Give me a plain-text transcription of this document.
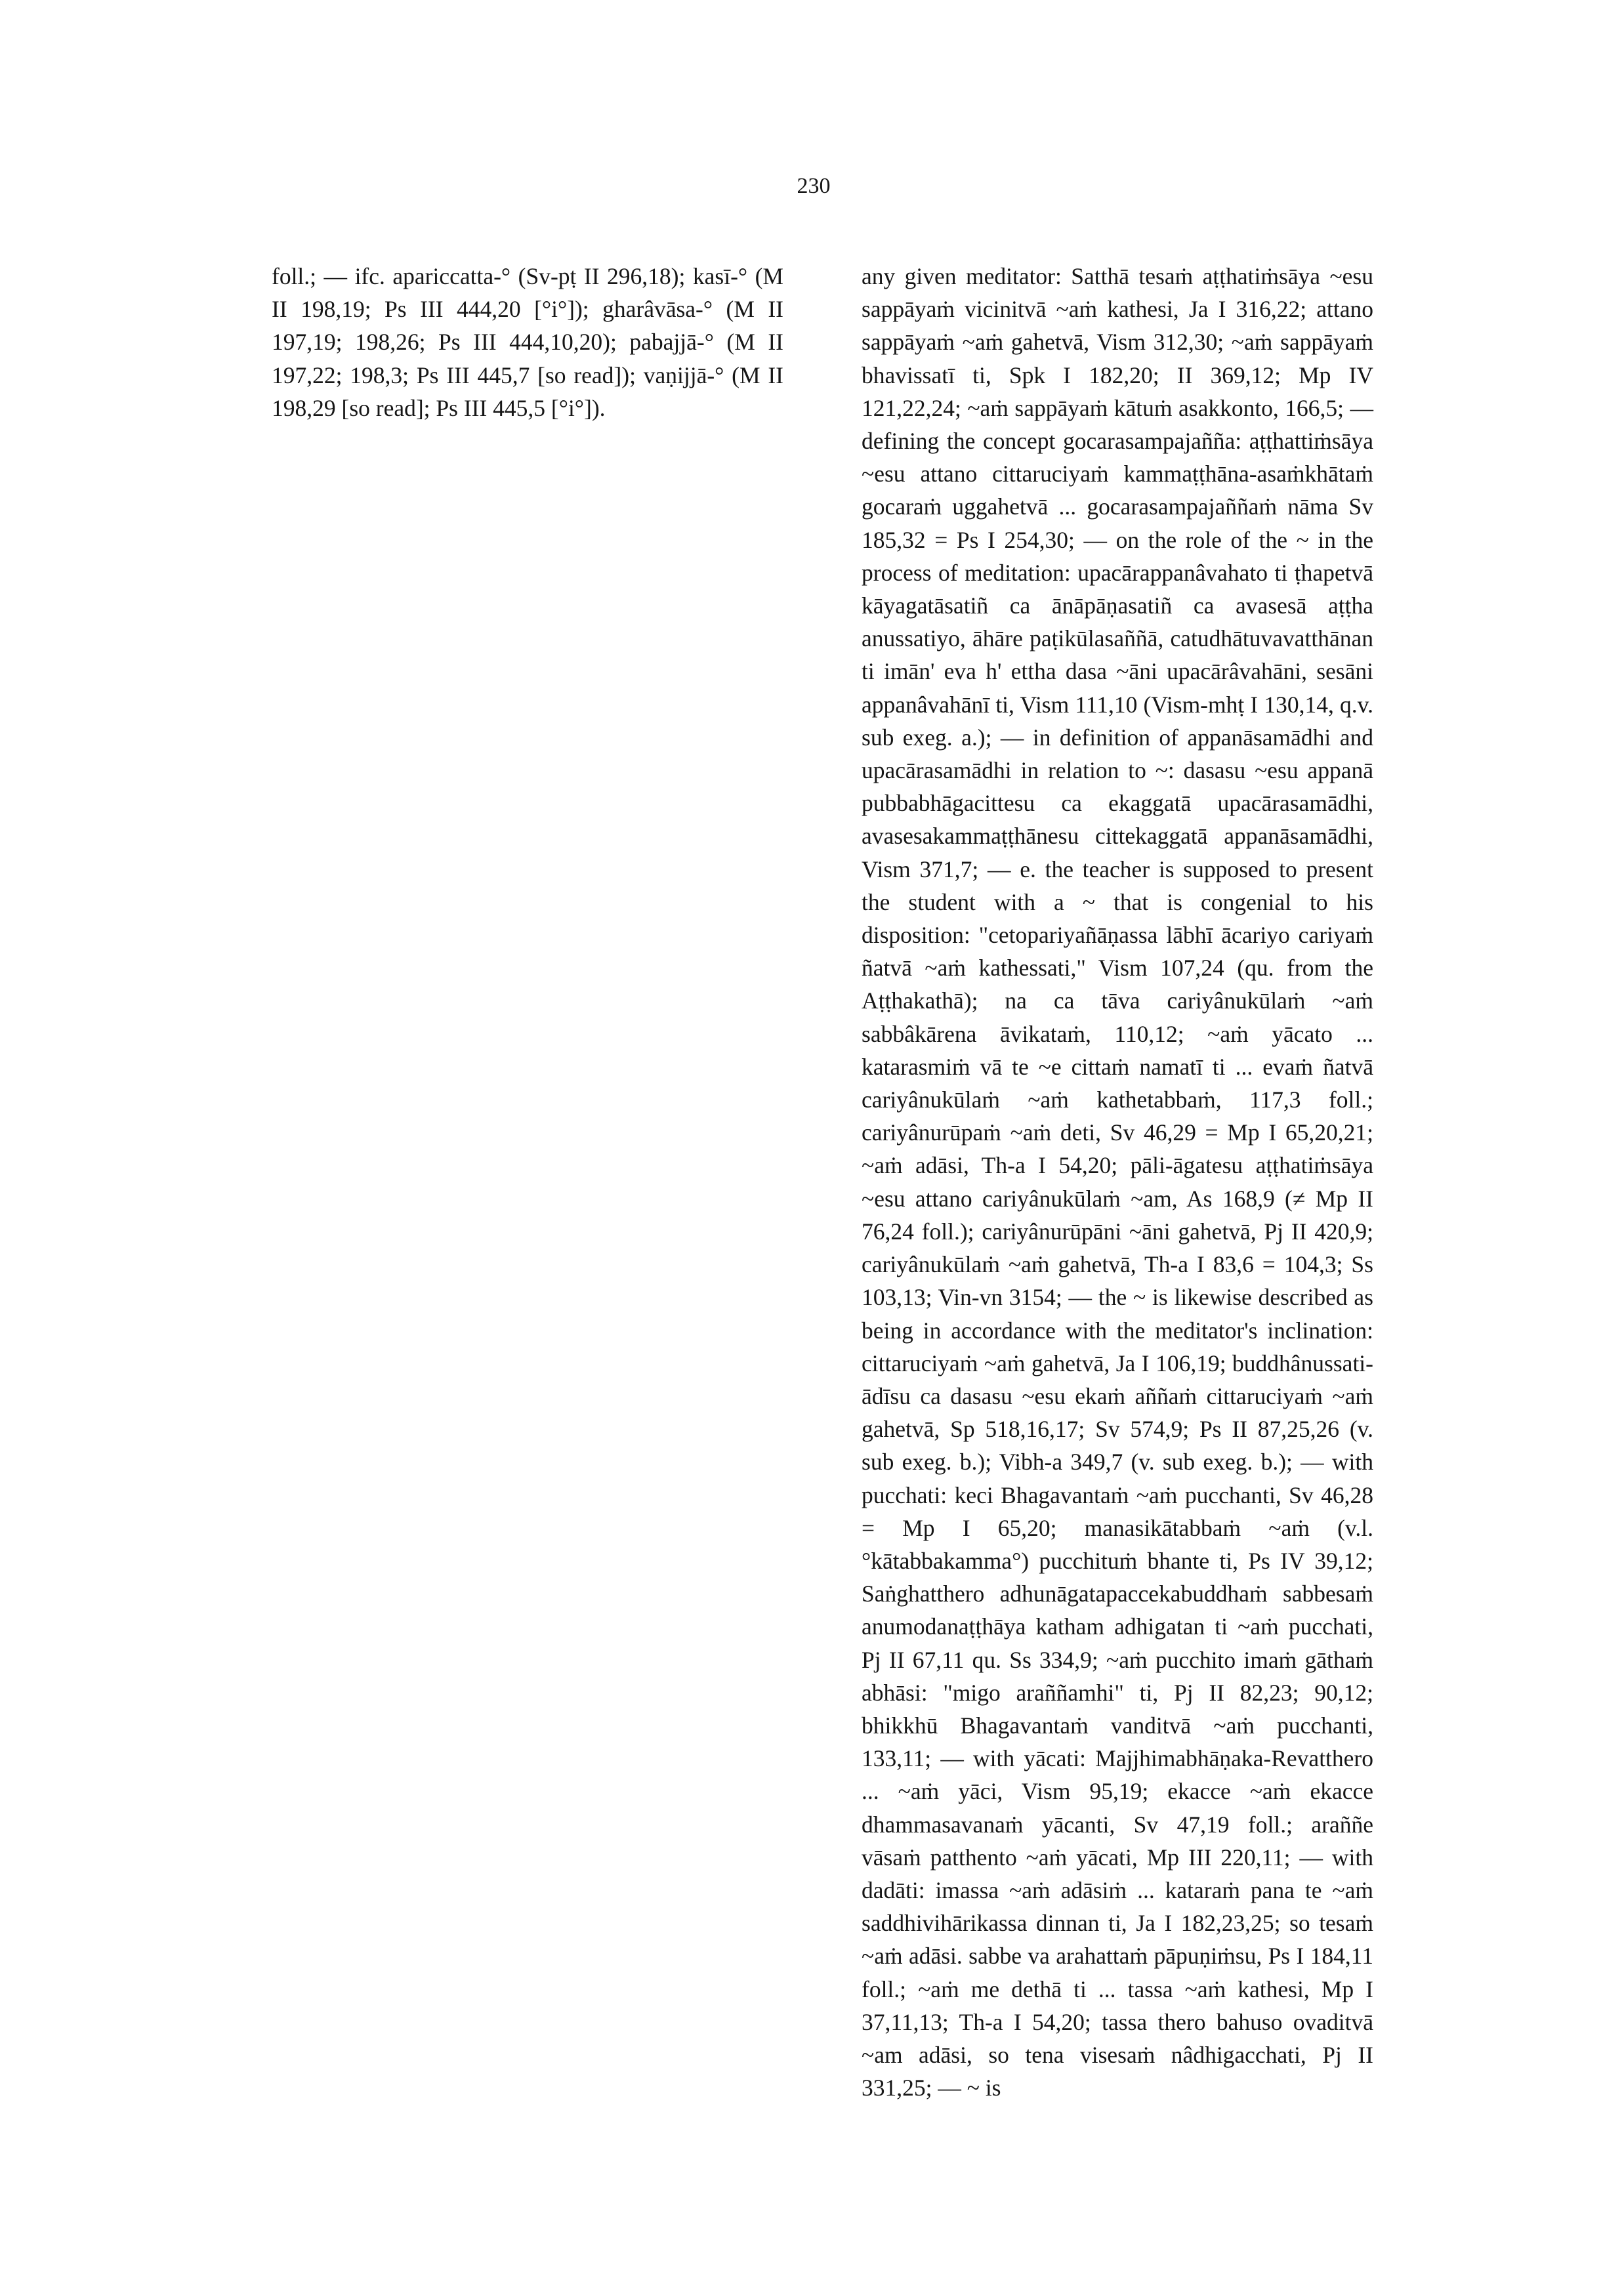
230

foll.; — ifc. apariccatta-° (Sv-pṭ II 296,18); kasī-° (M II 198,19; Ps III 444,20 [°i°]); gharâvāsa-° (M II 197,19; 198,26; Ps III 444,10,20); pabajjā-° (M II 197,22; 198,3; Ps III 445,7 [so read]); vaṇijjā-° (M II 198,29 [so read]; Ps III 445,5 [°i°]).

any given meditator: Satthā tesaṁ aṭṭhatiṁsāya ~esu sappāyaṁ vicinitvā ~aṁ kathesi, Ja I 316,22; attano sappāyaṁ ~aṁ gahetvā, Vism 312,30; ~aṁ sappāyaṁ bhavissatī ti, Spk I 182,20; II 369,12; Mp IV 121,22,24; ~aṁ sappāyaṁ kātuṁ asakkonto, 166,5; — defining the concept gocarasampajañña: aṭṭhattiṁsāya ~esu attano cittaruciyaṁ kammaṭṭhāna-asaṁkhātaṁ gocaraṁ uggahetvā ... gocarasampajaññaṁ nāma Sv 185,32 = Ps I 254,30; — on the role of the ~ in the process of meditation: upacārappanâvahato ti ṭhapetvā kāyagatāsatiñ ca ānāpāṇasatiñ ca avasesā aṭṭha anussatiyo, āhāre paṭikūlasaññā, catudhātuvavatthānan ti imān' eva h' ettha dasa ~āni upacārâvahāni, sesāni appanâvahānī ti, Vism 111,10 (Vism-mhṭ I 130,14, q.v. sub exeg. a.); — in definition of appanāsamādhi and upacārasamādhi in relation to ~: dasasu ~esu appanā pubbabhāgacittesu ca ekaggatā upacārasamādhi, avasesakammaṭṭhānesu cittekaggatā appanāsamādhi, Vism 371,7; — e. the teacher is supposed to present the student with a ~ that is congenial to his disposition: "cetopariyañāṇassa lābhī ācariyo cariyaṁ ñatvā ~aṁ kathessati," Vism 107,24 (qu. from the Aṭṭhakathā); na ca tāva cariyânukūlaṁ ~aṁ sabbâkārena āvikataṁ, 110,12; ~aṁ yācato ... katarasmiṁ vā te ~e cittaṁ namatī ti ... evaṁ ñatvā cariyânukūlaṁ ~aṁ kathetabbaṁ, 117,3 foll.; cariyânurūpaṁ ~aṁ deti, Sv 46,29 = Mp I 65,20,21; ~aṁ adāsi, Th-a I 54,20; pāli-āgatesu aṭṭhatiṁsāya ~esu attano cariyânukūlaṁ ~am, As 168,9 (≠ Mp II 76,24 foll.); cariyânurūpāni ~āni gahetvā, Pj II 420,9; cariyânukūlaṁ ~aṁ gahetvā, Th-a I 83,6 = 104,3; Ss 103,13; Vin-vn 3154; — the ~ is likewise described as being in accordance with the meditator's inclination: cittaruciyaṁ ~aṁ gahetvā, Ja I 106,19; buddhânussati-ādīsu ca dasasu ~esu ekaṁ aññaṁ cittaruciyaṁ ~aṁ gahetvā, Sp 518,16,17; Sv 574,9; Ps II 87,25,26 (v. sub exeg. b.); Vibh-a 349,7 (v. sub exeg. b.); — with pucchati: keci Bhagavantaṁ ~aṁ pucchanti, Sv 46,28 = Mp I 65,20; manasikātabbaṁ ~aṁ (v.l. °kātabbakamma°) pucchituṁ bhante ti, Ps IV 39,12; Saṅghatthero adhunāgatapaccekabuddhaṁ sabbesaṁ anumodanaṭṭhāya katham adhigatan ti ~aṁ pucchati, Pj II 67,11 qu. Ss 334,9; ~aṁ pucchito imaṁ gāthaṁ abhāsi: "migo araññamhi" ti, Pj II 82,23; 90,12; bhikkhū Bhagavantaṁ vanditvā ~aṁ pucchanti, 133,11; — with yācati: Majjhimabhāṇaka-Revatthero ... ~aṁ yāci, Vism 95,19; ekacce ~aṁ ekacce dhammasavanaṁ yācanti, Sv 47,19 foll.; araññe vāsaṁ patthento ~aṁ yācati, Mp III 220,11; — with dadāti: imassa ~aṁ adāsiṁ ... kataraṁ pana te ~aṁ saddhivihārikassa dinnan ti, Ja I 182,23,25; so tesaṁ ~aṁ adāsi. sabbe va arahattaṁ pāpuṇiṁsu, Ps I 184,11 foll.; ~aṁ me dethā ti ... tassa ~aṁ kathesi, Mp I 37,11,13; Th-a I 54,20; tassa thero bahuso ovaditvā ~am adāsi, so tena visesaṁ nâdhigacchati, Pj II 331,25; — ~ is
